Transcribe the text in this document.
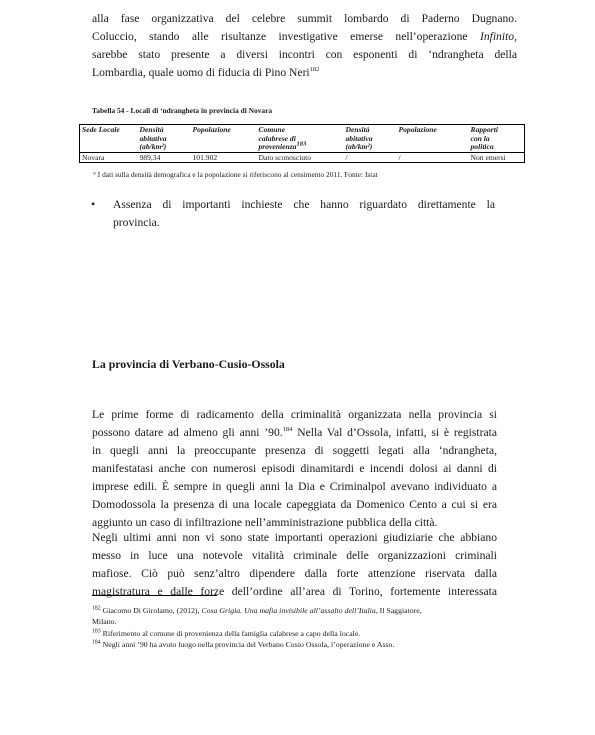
alla fase organizzativa del celebre summit lombardo di Paderno Dugnano.
Coluccio, stando alle risultanze investigative emerse nell’operazione Infinito,
sarebbe stato presente a diversi incontri con esponenti di ‘ndrangheta della
Lombardia, quale uomo di fiducia di Pino Neri$^{182}$
Tabella 54 - Locali di ‘ndrangheta in provincia di Novara
Sede Locale	Densità
abitativa
(ab/km²)	Popolazione	Comune
calabrese di
provenienza$^{183}$	Densità
abitativa
(ab/km²)	Popolazione	Rapporti
con la
politica
Novara	989,34	101.902	Dato sconosciuto	/	/	Non emersi
° I dati sulla densità demografica e la popolazione si riferiscono al censimento 2011. Fonte: Istat
• Assenza di importanti inchieste che hanno riguardato direttamente la
provincia.
La provincia di Verbano-Cusio-Ossola
Le prime forme di radicamento della criminalità organizzata nella provincia si
possono datare ad almeno gli anni ’90.$^{184}$ Nella Val d’Ossola, infatti, si è registrata
in quegli anni la preoccupante presenza di soggetti legati alla ‘ndrangheta,
manifestatasi anche con numerosi episodi dinamitardi e incendi dolosi ai danni di
imprese edili. È sempre in quegli anni la Dia e Criminalpol avevano individuato a
Domodossola la presenza di una locale capeggiata da Domenico Cento a cui si era
aggiunto un caso di infiltrazione nell’amministrazione pubblica della città.
Negli ultimi anni non vi sono state importanti operazioni giudiziarie che abbiano
messo in luce una notevole vitalità criminale delle organizzazioni criminali
mafiose. Ciò può senz’altro dipendere dalla forte attenzione riservata dalla
magistratura e dalle forze dell’ordine all’area di Torino, fortemente interessata
$^{182}$ Giacomo Di Girolamo, (2012), Cosa Grigia. Una mafia invisibile all’assalto dell’Italia, Il Saggiatore,
Milano.
$^{183}$ Riferimento al comune di provenienza della famiglia calabrese a capo della locale.
$^{184}$ Negli anni ’90 ha avuto luogo nella provincia del Verbano Cusio Ossola, l’operazione e Asso.
